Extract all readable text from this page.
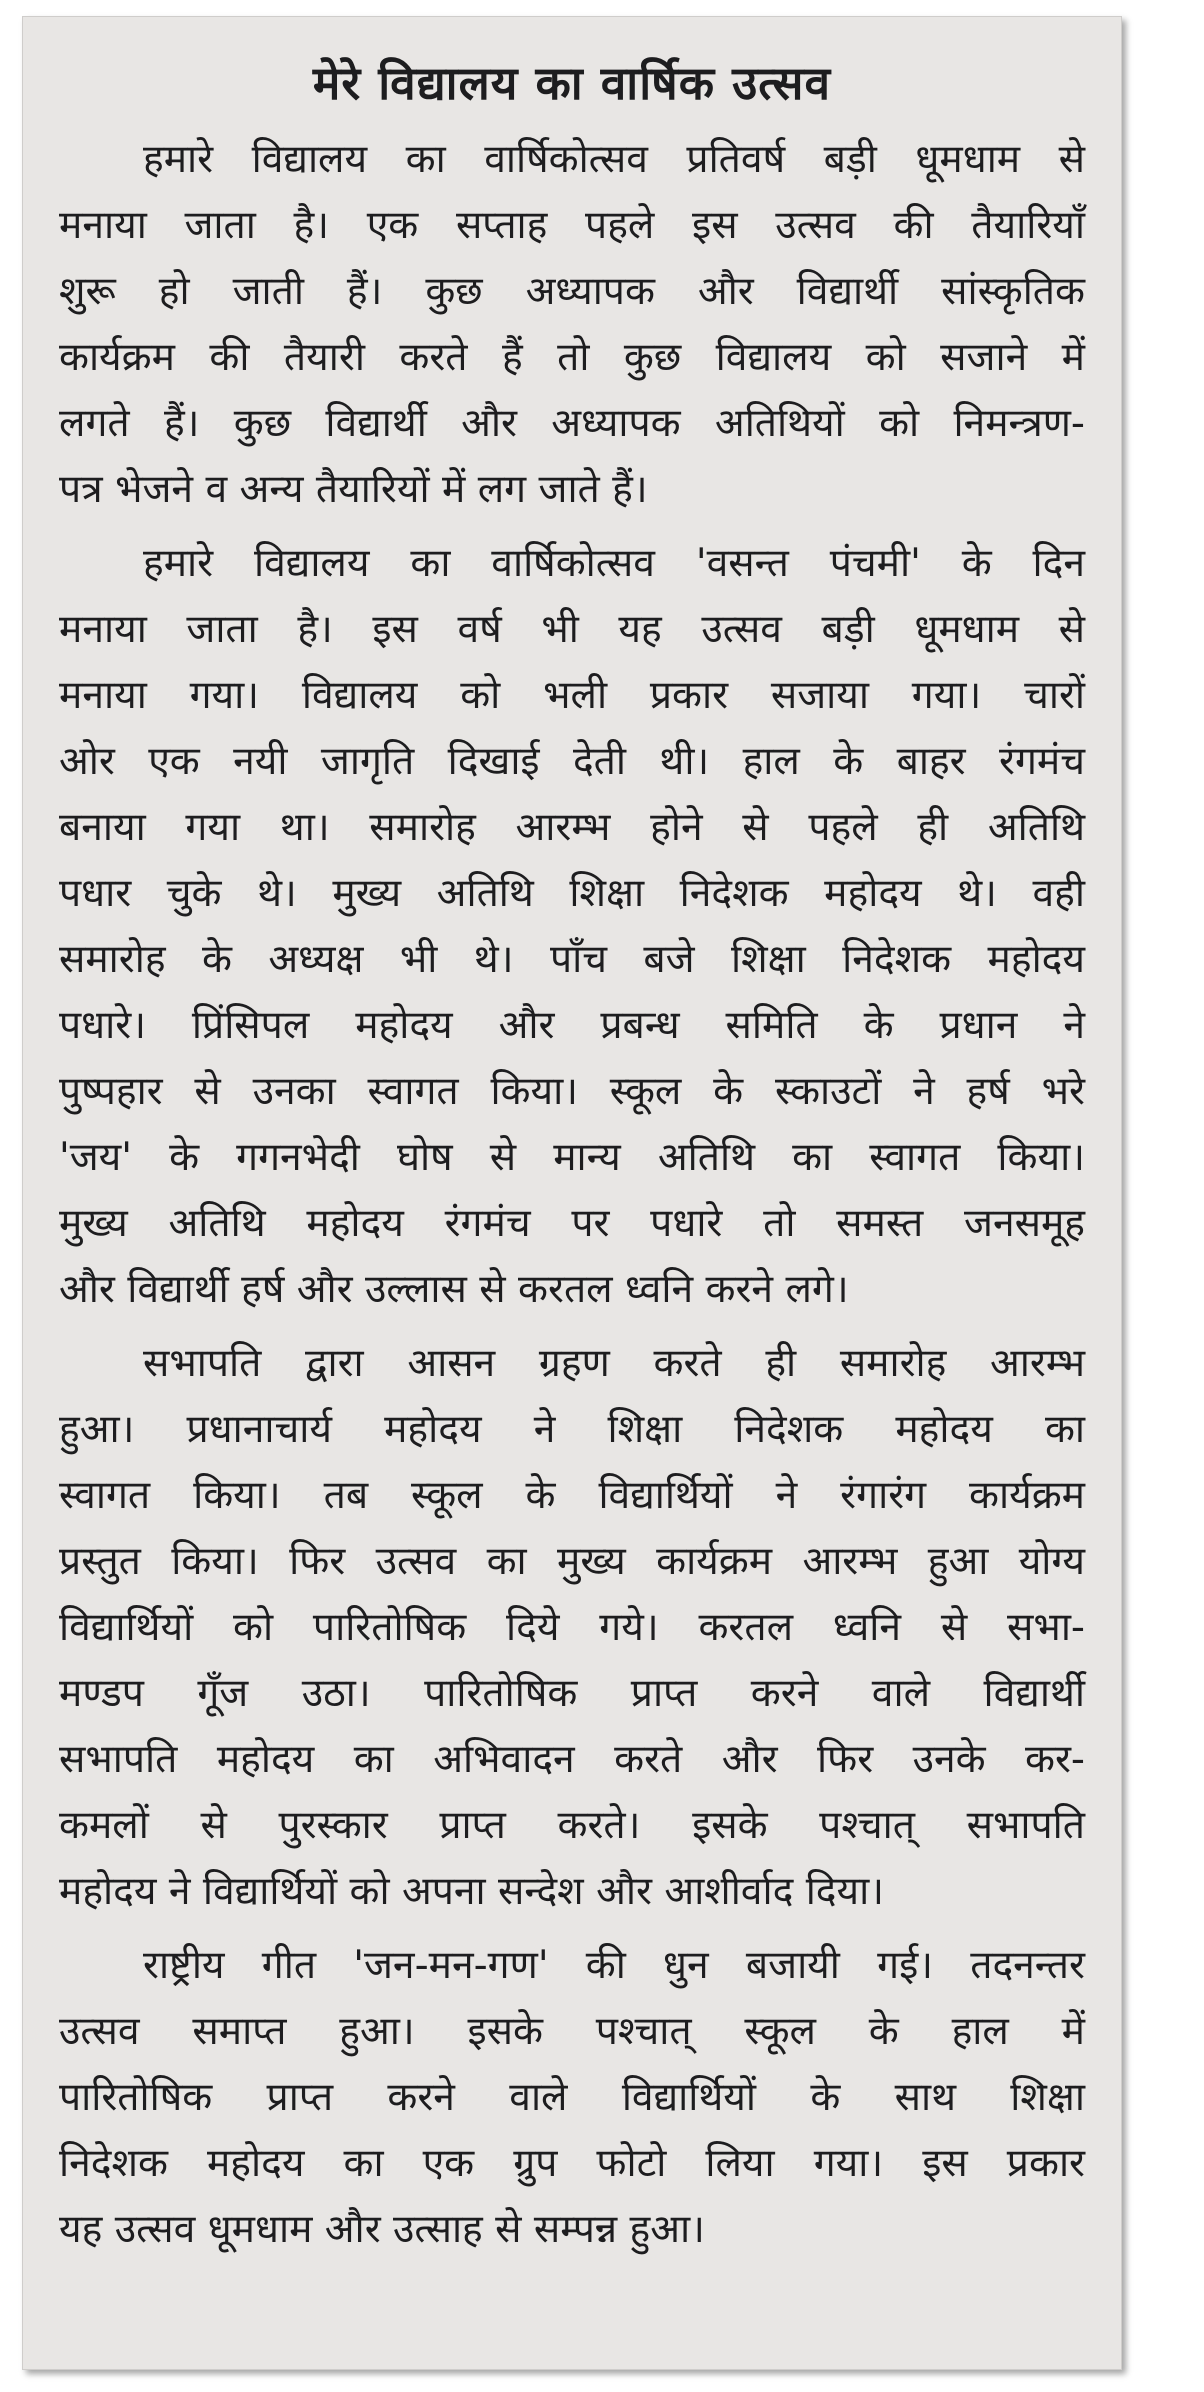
मेरे विद्यालय का वार्षिक उत्सव
हमारे विद्यालय का वार्षिकोत्सव प्रतिवर्ष बड़ी धूमधाम से
मनाया जाता है। एक सप्ताह पहले इस उत्सव की तैयारियाँ
शुरू हो जाती हैं। कुछ अध्यापक और विद्यार्थी सांस्कृतिक
कार्यक्रम की तैयारी करते हैं तो कुछ विद्यालय को सजाने में
लगते हैं। कुछ विद्यार्थी और अध्यापक अतिथियों को निमन्त्रण-
पत्र भेजने व अन्य तैयारियों में लग जाते हैं।
हमारे विद्यालय का वार्षिकोत्सव 'वसन्त पंचमी' के दिन
मनाया जाता है। इस वर्ष भी यह उत्सव बड़ी धूमधाम से
मनाया गया। विद्यालय को भली प्रकार सजाया गया। चारों
ओर एक नयी जागृति दिखाई देती थी। हाल के बाहर रंगमंच
बनाया गया था। समारोह आरम्भ होने से पहले ही अतिथि
पधार चुके थे। मुख्य अतिथि शिक्षा निदेशक महोदय थे। वही
समारोह के अध्यक्ष भी थे। पाँच बजे शिक्षा निदेशक महोदय
पधारे। प्रिंसिपल महोदय और प्रबन्ध समिति के प्रधान ने
पुष्पहार से उनका स्वागत किया। स्कूल के स्काउटों ने हर्ष भरे
'जय' के गगनभेदी घोष से मान्य अतिथि का स्वागत किया।
मुख्य अतिथि महोदय रंगमंच पर पधारे तो समस्त जनसमूह
और विद्यार्थी हर्ष और उल्लास से करतल ध्वनि करने लगे।
सभापति द्वारा आसन ग्रहण करते ही समारोह आरम्भ
हुआ। प्रधानाचार्य महोदय ने शिक्षा निदेशक महोदय का
स्वागत किया। तब स्कूल के विद्यार्थियों ने रंगारंग कार्यक्रम
प्रस्तुत किया। फिर उत्सव का मुख्य कार्यक्रम आरम्भ हुआ योग्य
विद्यार्थियों को पारितोषिक दिये गये। करतल ध्वनि से सभा-
मण्डप गूँज उठा। पारितोषिक प्राप्त करने वाले विद्यार्थी
सभापति महोदय का अभिवादन करते और फिर उनके कर-
कमलों से पुरस्कार प्राप्त करते। इसके पश्चात् सभापति
महोदय ने विद्यार्थियों को अपना सन्देश और आशीर्वाद दिया।
राष्ट्रीय गीत 'जन-मन-गण' की धुन बजायी गई। तदनन्तर
उत्सव समाप्त हुआ। इसके पश्चात् स्कूल के हाल में
पारितोषिक प्राप्त करने वाले विद्यार्थियों के साथ शिक्षा
निदेशक महोदय का एक ग्रुप फोटो लिया गया। इस प्रकार
यह उत्सव धूमधाम और उत्साह से सम्पन्न हुआ।
